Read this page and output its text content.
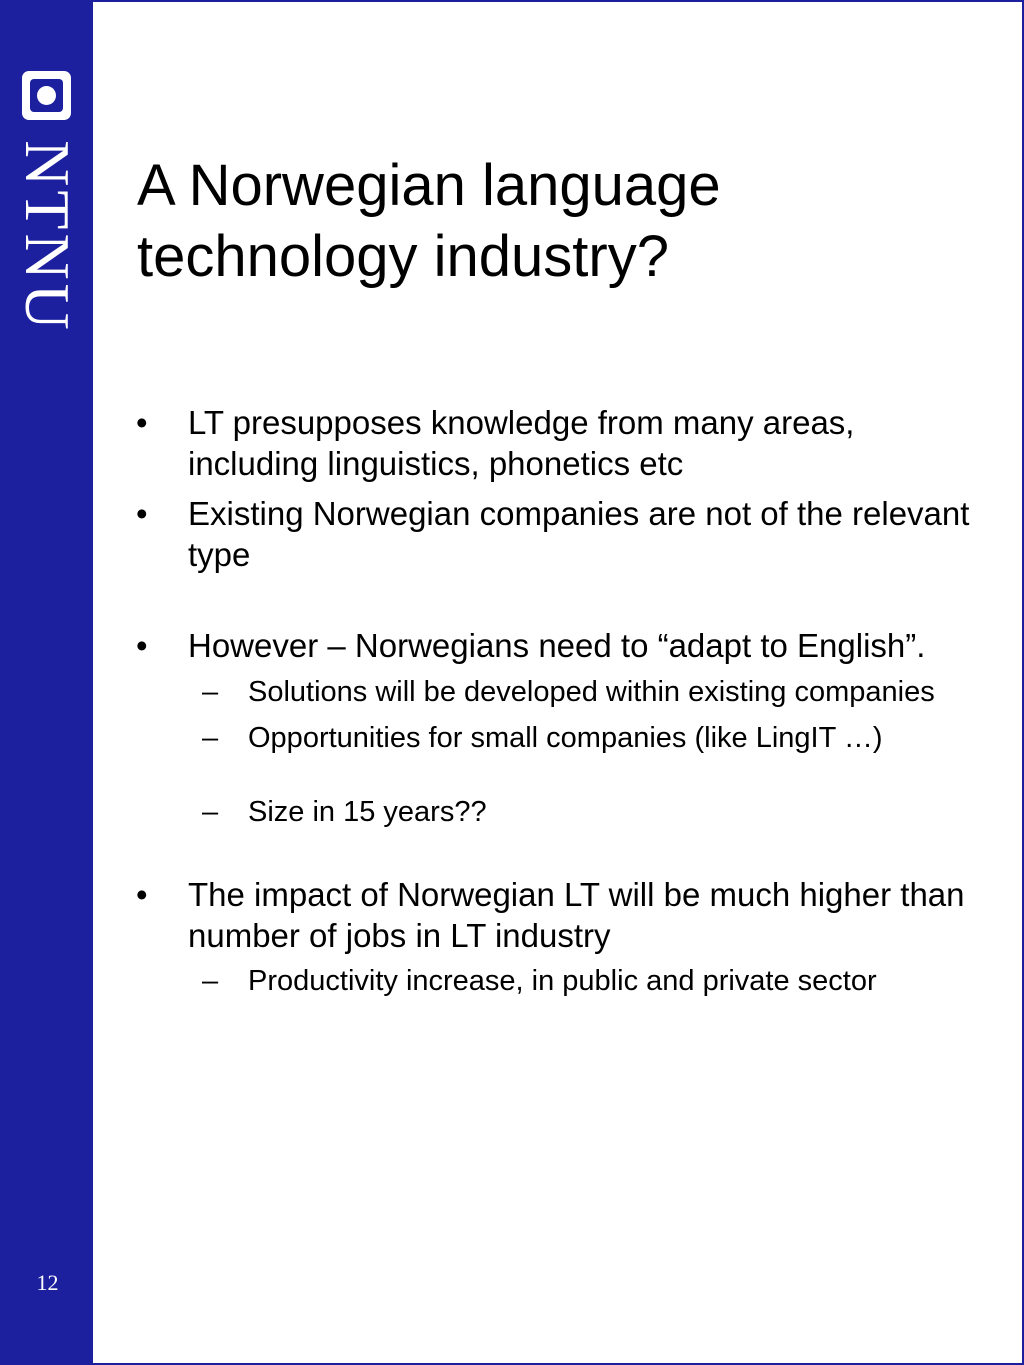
NTNU
12
A Norwegian language technology industry?
•	LT presupposes knowledge from many areas, including linguistics, phonetics etc
•	Existing Norwegian companies are not of the relevant type
•	However – Norwegians need to “adapt to English”.
– Solutions will be developed within existing companies
– Opportunities for small companies (like LingIT …)
– Size in 15 years??
•	The impact of Norwegian LT will be much higher than number of jobs in LT industry
– Productivity increase, in public and private sector
